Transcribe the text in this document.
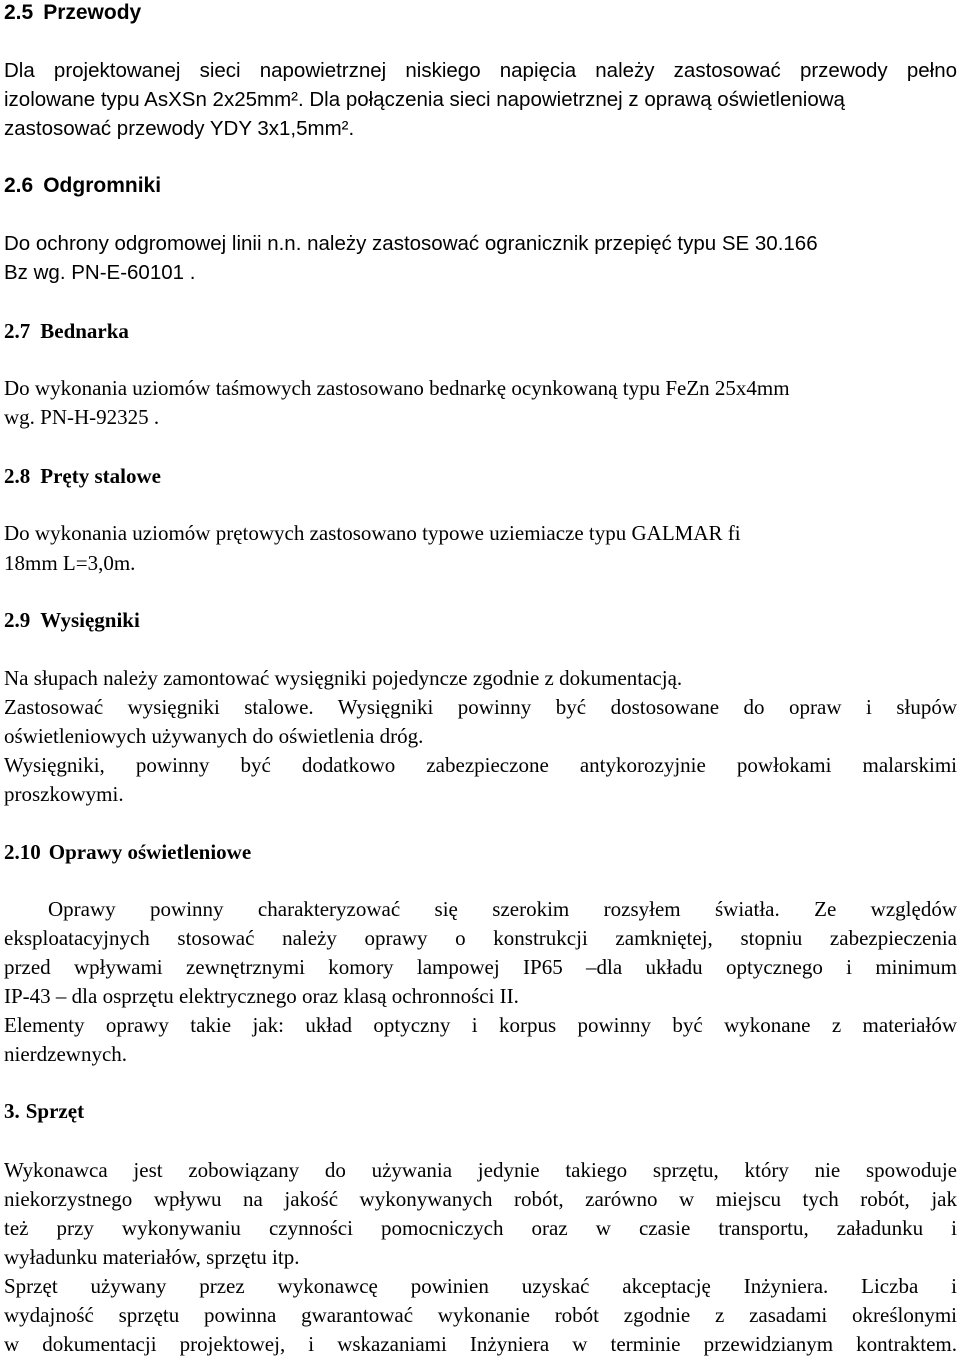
2.5 Przewody
Dla projektowanej sieci napowietrznej niskiego napięcia należy zastosować przewody pełno
izolowane typu AsXSn 2x25mm². Dla połączenia sieci napowietrznej z oprawą oświetleniową
zastosować przewody YDY 3x1,5mm².
2.6 Odgromniki
Do ochrony odgromowej linii n.n. należy zastosować ogranicznik przepięć typu SE 30.166
Bz wg. PN-E-60101 .
2.7 Bednarka
Do wykonania uziomów taśmowych zastosowano bednarkę ocynkowaną typu FeZn 25x4mm
wg. PN-H-92325 .
2.8 Pręty stalowe
Do wykonania uziomów prętowych zastosowano typowe uziemiacze typu GALMAR fi
18mm L=3,0m.
2.9 Wysięgniki
Na słupach należy zamontować wysięgniki pojedyncze zgodnie z dokumentacją.
Zastosować wysięgniki stalowe. Wysięgniki powinny być dostosowane do opraw i słupów
oświetleniowych używanych do oświetlenia dróg.
Wysięgniki, powinny być dodatkowo zabezpieczone antykorozyjnie powłokami malarskimi
proszkowymi.
2.10 Oprawy oświetleniowe
Oprawy powinny charakteryzować się szerokim rozsyłem światła. Ze względów
eksploatacyjnych stosować należy oprawy o konstrukcji zamkniętej, stopniu zabezpieczenia
przed wpływami zewnętrznymi komory lampowej IP65 –dla układu optycznego i minimum
IP-43 – dla osprzętu elektrycznego oraz klasą ochronności II.
Elementy oprawy takie jak: układ optyczny i korpus powinny być wykonane z materiałów
nierdzewnych.
3. Sprzęt
Wykonawca jest zobowiązany do używania jedynie takiego sprzętu, który nie spowoduje
niekorzystnego wpływu na jakość wykonywanych robót, zarówno w miejscu tych robót, jak
też przy wykonywaniu czynności pomocniczych oraz w czasie transportu, załadunku i
wyładunku materiałów, sprzętu itp.
Sprzęt używany przez wykonawcę powinien uzyskać akceptację Inżyniera. Liczba i
wydajność sprzętu powinna gwarantować wykonanie robót zgodnie z zasadami określonymi
w dokumentacji projektowej, i wskazaniami Inżyniera w terminie przewidzianym kontraktem.
